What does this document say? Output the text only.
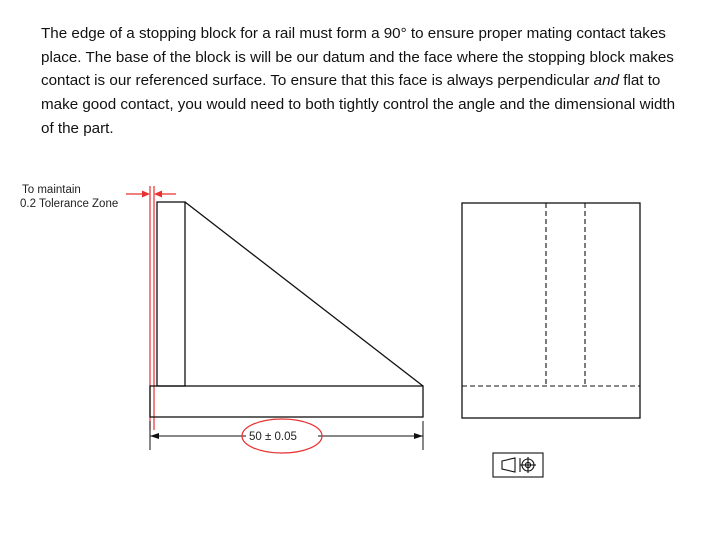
The edge of a stopping block for a rail must form a 90° to ensure proper mating contact takes place. The base of the block is will be our datum and the face where the stopping block makes contact is our referenced surface. To ensure that this face is always perpendicular and flat to make good contact, you would need to both tightly control the angle and the dimensional width of the part.

To maintain
0.2 Tolerance Zone
50 ± 0.05
